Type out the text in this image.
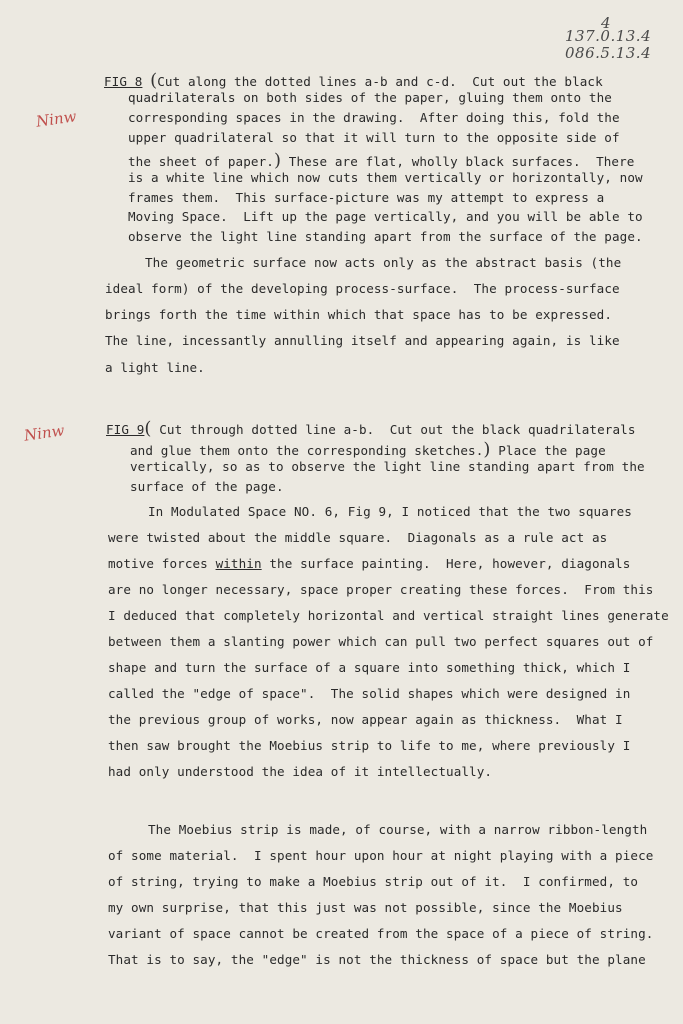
4
137.0.13.4
086.5.13.4
Ninw
Ninw
FIG 8 (Cut along the dotted lines a-b and c-d.  Cut out the black
quadrilaterals on both sides of the paper, gluing them onto the
corresponding spaces in the drawing.  After doing this, fold the
upper quadrilateral so that it will turn to the opposite side of
the sheet of paper.) These are flat, wholly black surfaces.  There
is a white line which now cuts them vertically or horizontally, now
frames them.  This surface-picture was my attempt to express a
Moving Space.  Lift up the page vertically, and you will be able to
observe the light line standing apart from the surface of the page.
The geometric surface now acts only as the abstract basis (the
ideal form) of the developing process-surface.  The process-surface
brings forth the time within which that space has to be expressed.
The line, incessantly annulling itself and appearing again, is like
a light line.
FIG 9( Cut through dotted line a-b.  Cut out the black quadrilaterals
and glue them onto the corresponding sketches.) Place the page
vertically, so as to observe the light line standing apart from the
surface of the page.
In Modulated Space NO. 6, Fig 9, I noticed that the two squares
were twisted about the middle square.  Diagonals as a rule act as
motive forces within the surface painting.  Here, however, diagonals
are no longer necessary, space proper creating these forces.  From this
I deduced that completely horizontal and vertical straight lines generate
between them a slanting power which can pull two perfect squares out of
shape and turn the surface of a square into something thick, which I
called the "edge of space".  The solid shapes which were designed in
the previous group of works, now appear again as thickness.  What I
then saw brought the Moebius strip to life to me, where previously I
had only understood the idea of it intellectually.
The Moebius strip is made, of course, with a narrow ribbon-length
of some material.  I spent hour upon hour at night playing with a piece
of string, trying to make a Moebius strip out of it.  I confirmed, to
my own surprise, that this just was not possible, since the Moebius
variant of space cannot be created from the space of a piece of string.
That is to say, the "edge" is not the thickness of space but the plane
